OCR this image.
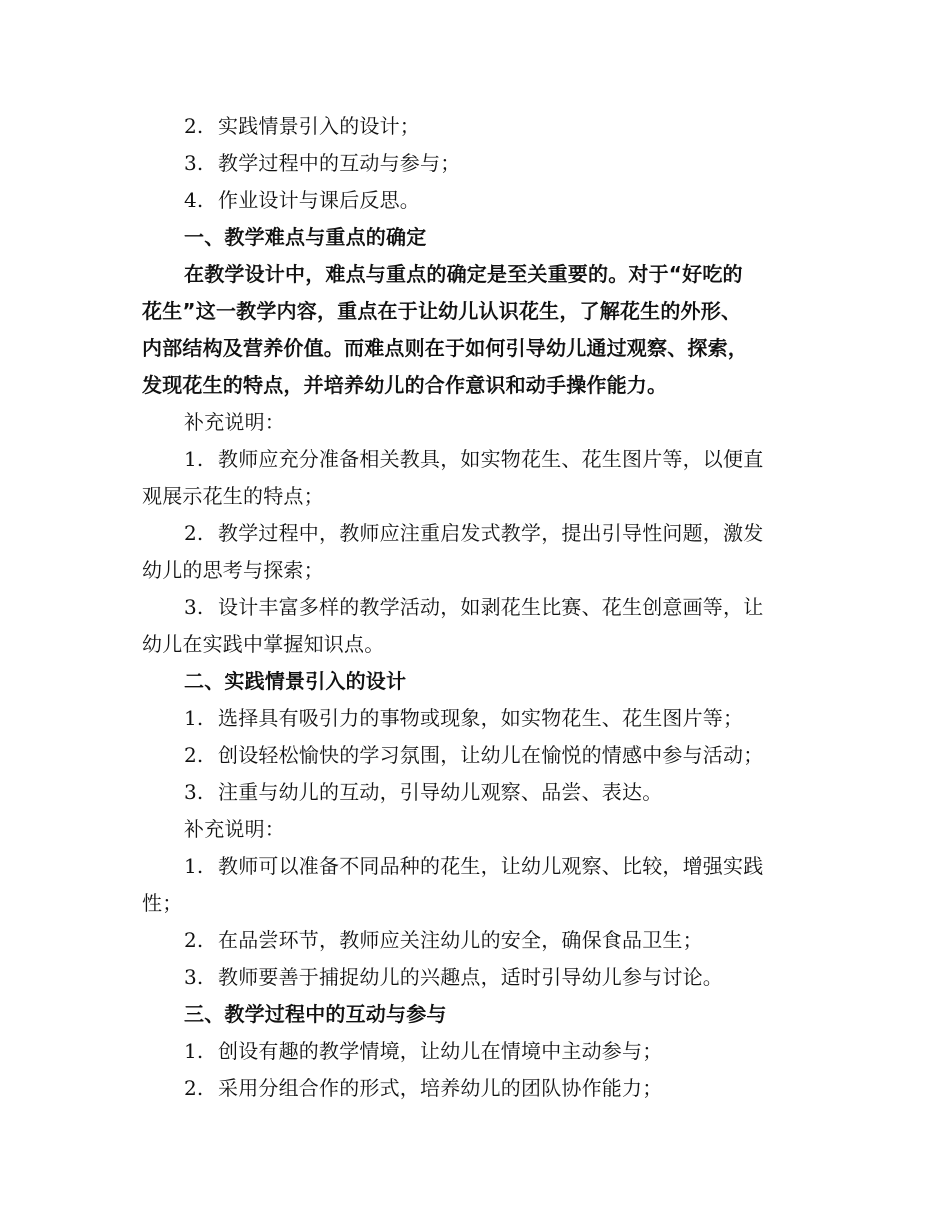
2. 实践情景引入的设计；
3. 教学过程中的互动与参与；
4. 作业设计与课后反思。
一、教学难点与重点的确定
在教学设计中，难点与重点的确定是至关重要的。对于“好吃的
花生”这一教学内容，重点在于让幼儿认识花生，了解花生的外形、
内部结构及营养价值。而难点则在于如何引导幼儿通过观察、探索，
发现花生的特点，并培养幼儿的合作意识和动手操作能力。
补充说明：
1. 教师应充分准备相关教具，如实物花生、花生图片等，以便直
观展示花生的特点；
2. 教学过程中，教师应注重启发式教学，提出引导性问题，激发
幼儿的思考与探索；
3. 设计丰富多样的教学活动，如剥花生比赛、花生创意画等，让
幼儿在实践中掌握知识点。
二、实践情景引入的设计
1. 选择具有吸引力的事物或现象，如实物花生、花生图片等；
2. 创设轻松愉快的学习氛围，让幼儿在愉悦的情感中参与活动；
3. 注重与幼儿的互动，引导幼儿观察、品尝、表达。
补充说明：
1. 教师可以准备不同品种的花生，让幼儿观察、比较，增强实践
性；
2. 在品尝环节，教师应关注幼儿的安全，确保食品卫生；
3. 教师要善于捕捉幼儿的兴趣点，适时引导幼儿参与讨论。
三、教学过程中的互动与参与
1. 创设有趣的教学情境，让幼儿在情境中主动参与；
2. 采用分组合作的形式，培养幼儿的团队协作能力；
